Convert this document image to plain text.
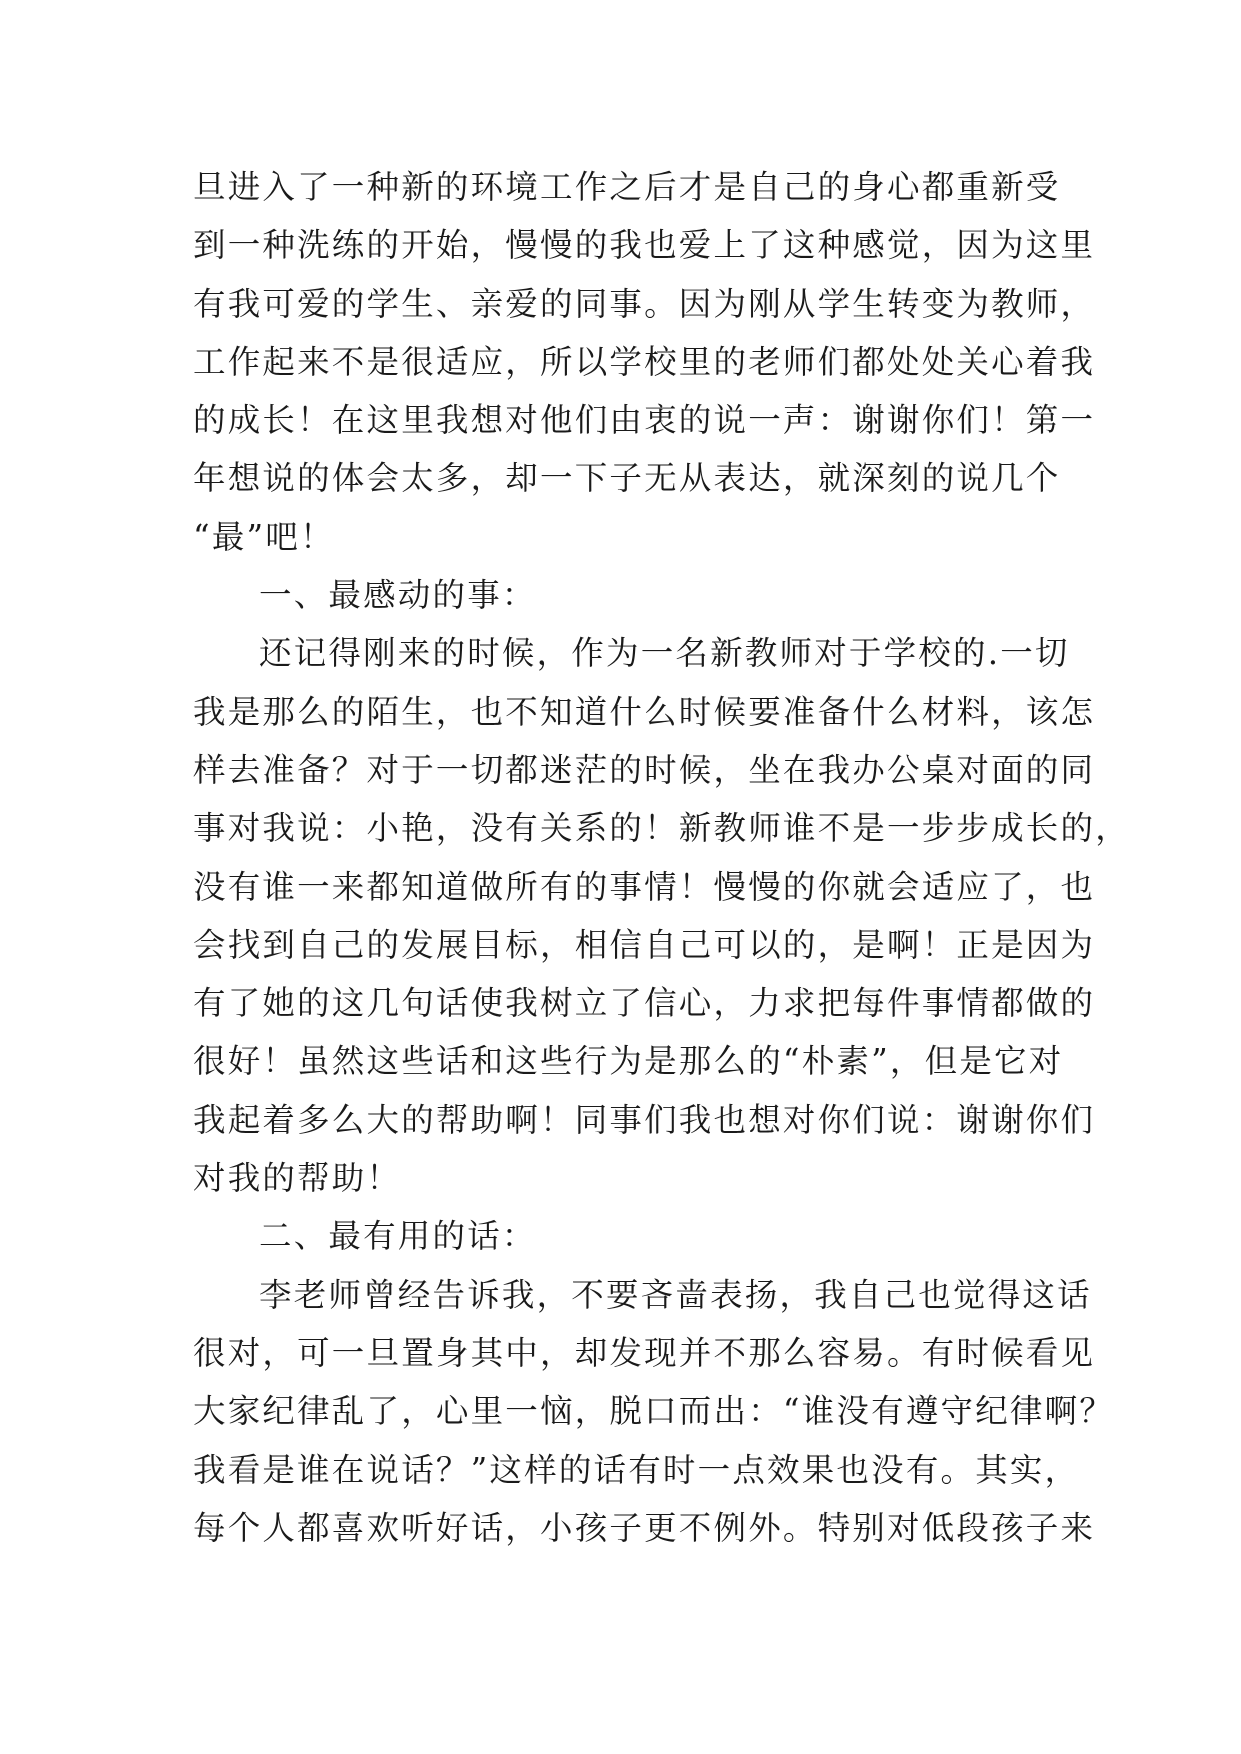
旦进入了一种新的环境工作之后才是自己的身心都重新受
到一种洗练的开始，慢慢的我也爱上了这种感觉，因为这里
有我可爱的学生、亲爱的同事。因为刚从学生转变为教师，
工作起来不是很适应，所以学校里的老师们都处处关心着我
的成长！在这里我想对他们由衷的说一声：谢谢你们！第一
年想说的体会太多，却一下子无从表达，就深刻的说几个
“最”吧！
一、最感动的事：
还记得刚来的时候，作为一名新教师对于学校的.一切
我是那么的陌生，也不知道什么时候要准备什么材料，该怎
样去准备？对于一切都迷茫的时候，坐在我办公桌对面的同
事对我说：小艳，没有关系的！新教师谁不是一步步成长的，
没有谁一来都知道做所有的事情！慢慢的你就会适应了，也
会找到自己的发展目标，相信自己可以的，是啊！正是因为
有了她的这几句话使我树立了信心，力求把每件事情都做的
很好！虽然这些话和这些行为是那么的“朴素”，但是它对
我起着多么大的帮助啊！同事们我也想对你们说：谢谢你们
对我的帮助！
二、最有用的话：
李老师曾经告诉我，不要吝啬表扬，我自己也觉得这话
很对，可一旦置身其中，却发现并不那么容易。有时候看见
大家纪律乱了，心里一恼，脱口而出：“谁没有遵守纪律啊？
我看是谁在说话？”这样的话有时一点效果也没有。其实，
每个人都喜欢听好话，小孩子更不例外。特别对低段孩子来
